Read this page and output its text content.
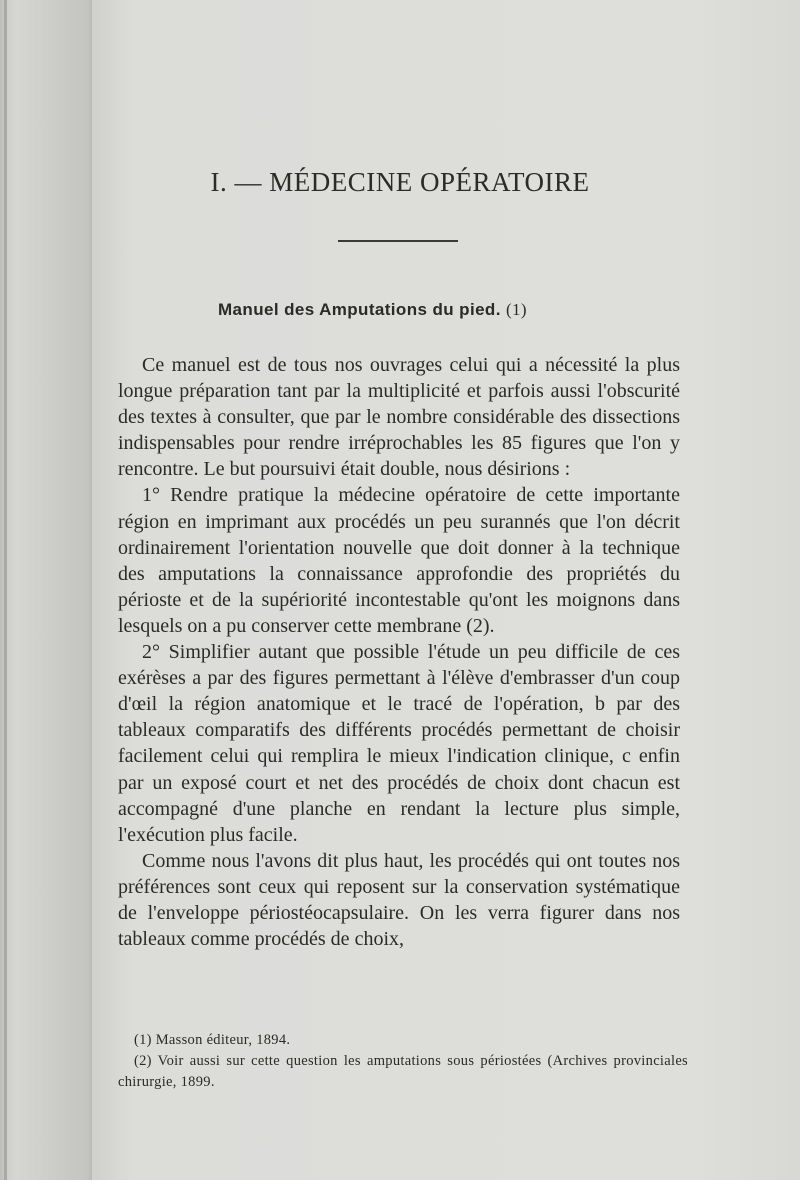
I. — MÉDECINE OPÉRATOIRE
Manuel des Amputations du pied. (1)

Ce manuel est de tous nos ouvrages celui qui a nécessité la plus longue préparation tant par la multiplicité et parfois aussi l'obscurité des textes à consulter, que par le nombre considérable des dissections indispensables pour rendre irréprochables les 85 figures que l'on y rencontre. Le but poursuivi était double, nous désirions :

1° Rendre pratique la médecine opératoire de cette importante région en imprimant aux procédés un peu surannés que l'on décrit ordinairement l'orientation nouvelle que doit donner à la technique des amputations la connaissance approfondie des propriétés du périoste et de la supériorité incontestable qu'ont les moignons dans lesquels on a pu conserver cette membrane (2).

2° Simplifier autant que possible l'étude un peu difficile de ces exérèses a par des figures permettant à l'élève d'embrasser d'un coup d'œil la région anatomique et le tracé de l'opération, b par des tableaux comparatifs des différents procédés permettant de choisir facilement celui qui remplira le mieux l'indication clinique, c enfin par un exposé court et net des procédés de choix dont chacun est accompagné d'une planche en rendant la lecture plus simple, l'exécution plus facile.

Comme nous l'avons dit plus haut, les procédés qui ont toutes nos préférences sont ceux qui reposent sur la conservation systématique de l'enveloppe périostéocapsulaire. On les verra figurer dans nos tableaux comme procédés de choix,

(1) Masson éditeur, 1894.

(2) Voir aussi sur cette question les amputations sous périostées (Archives provinciales chirurgie, 1899.
